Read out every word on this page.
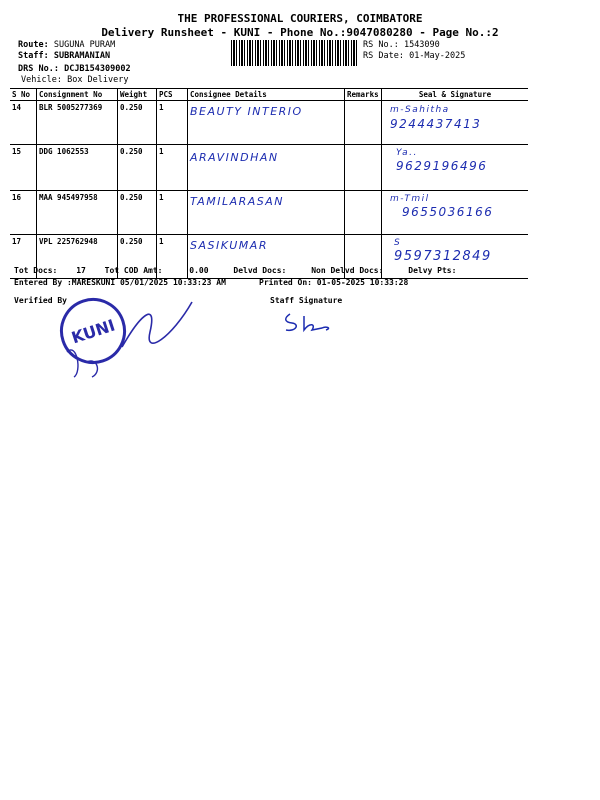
THE PROFESSIONAL COURIERS, COIMBATORE
Delivery Runsheet - KUNI - Phone No.:9047080280 - Page No.:2
Route: SUGUNA PURAM
Staff: SUBRAMANIAN
DRS No.: DCJB154309002
Vehicle: Box Delivery
RS No.: 1543090
RS Date: 01-May-2025
S No	Consignment No	Weight	PCS	Consignee Details	Remarks	Seal & Signature
14	BLR 5005277369	0.250	1	BEAUTY INTERIO		m-Sahitha
9244437413

15	DDG 1062553	0.250	1	ARAVINDHAN		Ya..
9629196496

16	MAA 945497958	0.250	1	TAMILARASAN		m-Tmil
9655036166

17	VPL 225762948	0.250	1	SASIKUMAR		S
9597312849
Tot Docs: 17 Tot COD Amt:	0.00	Delvd Docs:	Non Delvd Docs:	Delvy Pts:
Entered By :MARESKUNI 05/01/2025 10:33:23 AM	Printed On: 01-05-2025 10:33:28
Verified By	Staff Signature
KUNI
